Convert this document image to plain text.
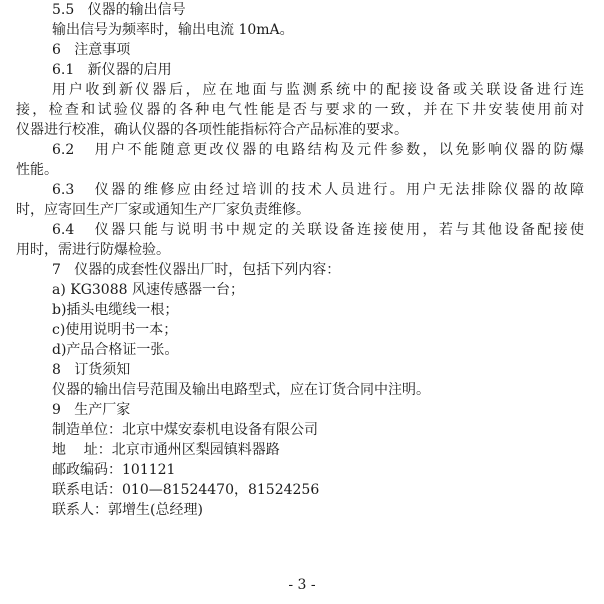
5.5   仪器的输出信号
输出信号为频率时，输出电流 10mA。
6   注意事项
6.1   新仪器的启用
用户收到新仪器后，应在地面与监测系统中的配接设备或关联设备进行连
接，检查和试验仪器的各种电气性能是否与要求的一致，并在下井安装使用前对
仪器进行校准，确认仪器的各项性能指标符合产品标准的要求。
6.2   用户不能随意更改仪器的电路结构及元件参数，以免影响仪器的防爆
性能。
6.3   仪器的维修应由经过培训的技术人员进行。用户无法排除仪器的故障
时，应寄回生产厂家或通知生产厂家负责维修。
6.4   仪器只能与说明书中规定的关联设备连接使用，若与其他设备配接使
用时，需进行防爆检验。
7   仪器的成套性仪器出厂时，包括下列内容：
a) KG3088 风速传感器一台；
b)插头电缆线一根；
c)使用说明书一本；
d)产品合格证一张。
8   订货须知
仪器的输出信号范围及输出电路型式，应在订货合同中注明。
9   生产厂家
制造单位：北京中煤安泰机电设备有限公司
地    址：北京市通州区梨园镇料器路
邮政编码：101121
联系电话：010—81524470，81524256
联系人：郭增生(总经理)
- 3 -
